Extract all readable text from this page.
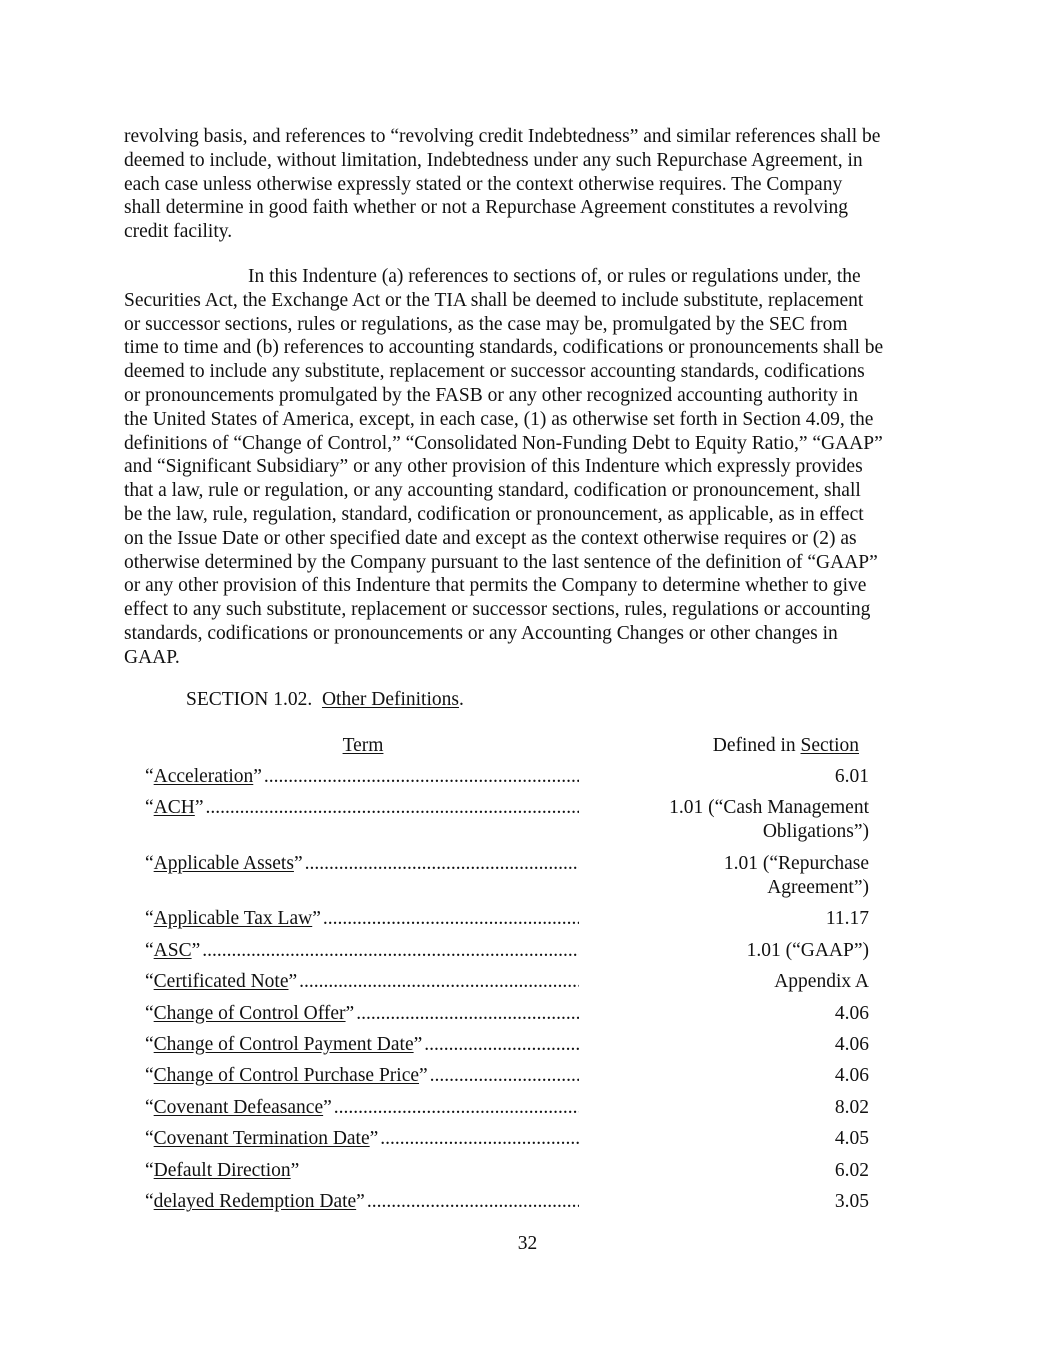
revolving basis, and references to “revolving credit Indebtedness” and similar references shall be
deemed to include, without limitation, Indebtedness under any such Repurchase Agreement, in
each case unless otherwise expressly stated or the context otherwise requires. The Company
shall determine in good faith whether or not a Repurchase Agreement constitutes a revolving
credit facility.
In this Indenture (a) references to sections of, or rules or regulations under, the
Securities Act, the Exchange Act or the TIA shall be deemed to include substitute, replacement
or successor sections, rules or regulations, as the case may be, promulgated by the SEC from
time to time and (b) references to accounting standards, codifications or pronouncements shall be
deemed to include any substitute, replacement or successor accounting standards, codifications
or pronouncements promulgated by the FASB or any other recognized accounting authority in
the United States of America, except, in each case, (1) as otherwise set forth in Section 4.09, the
definitions of “Change of Control,” “Consolidated Non-Funding Debt to Equity Ratio,” “GAAP”
and “Significant Subsidiary” or any other provision of this Indenture which expressly provides
that a law, rule or regulation, or any accounting standard, codification or pronouncement, shall
be the law, rule, regulation, standard, codification or pronouncement, as applicable, as in effect
on the Issue Date or other specified date and except as the context otherwise requires or (2) as
otherwise determined by the Company pursuant to the last sentence of the definition of “GAAP”
or any other provision of this Indenture that permits the Company to determine whether to give
effect to any such substitute, replacement or successor sections, rules, regulations or accounting
standards, codifications or pronouncements or any Accounting Changes or other changes in
GAAP.
SECTION 1.02. Other Definitions.
Term	Defined in Section
“ Acceleration ” .....	6.01
“ ACH ” .....	1.01 (“Cash Management
Obligations”)
“ Applicable Assets ” .....	1.01 (“Repurchase
Agreement”)
“ Applicable Tax Law ” .....	11.17
“ ASC ” .....	1.01 (“GAAP”)
“ Certificated Note ” .....	Appendix A
“ Change of Control Offer ” .....	4.06
“ Change of Control Payment Date ” .....	4.06
“ Change of Control Purchase Price ” .....	4.06
“ Covenant Defeasance ” .....	8.02
“ Covenant Termination Date ” .....	4.05
“ Default Direction ”	6.02
“ delayed Redemption Date ” .....	3.05
32
